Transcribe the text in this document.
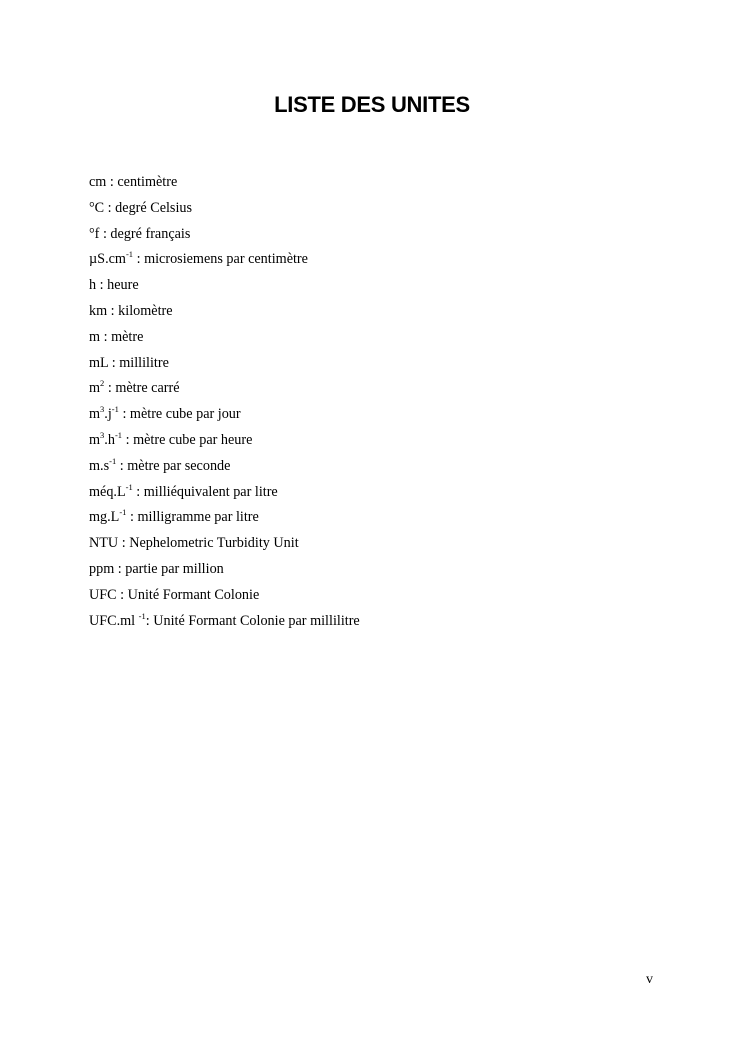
LISTE DES UNITES
cm : centimètre
°C : degré Celsius
°f : degré français
$\mu S.cm^{-1}$ : microsiemens par centimètre
h : heure
km : kilomètre
m : mètre
mL : millilitre
$m^2$ : mètre carré
$m^3.j^{-1}$ : mètre cube par jour
$m^3.h^{-1}$ : mètre cube par heure
$m.s^{-1}$ : mètre par seconde
$méq.L^{-1}$ : milliéquivalent par litre
$mg.L^{-1}$ : milligramme par litre
NTU : Nephelometric Turbidity Unit
ppm : partie par million
UFC : Unité Formant Colonie
UFC.ml $^{-1}$: Unité Formant Colonie par millilitre
v
